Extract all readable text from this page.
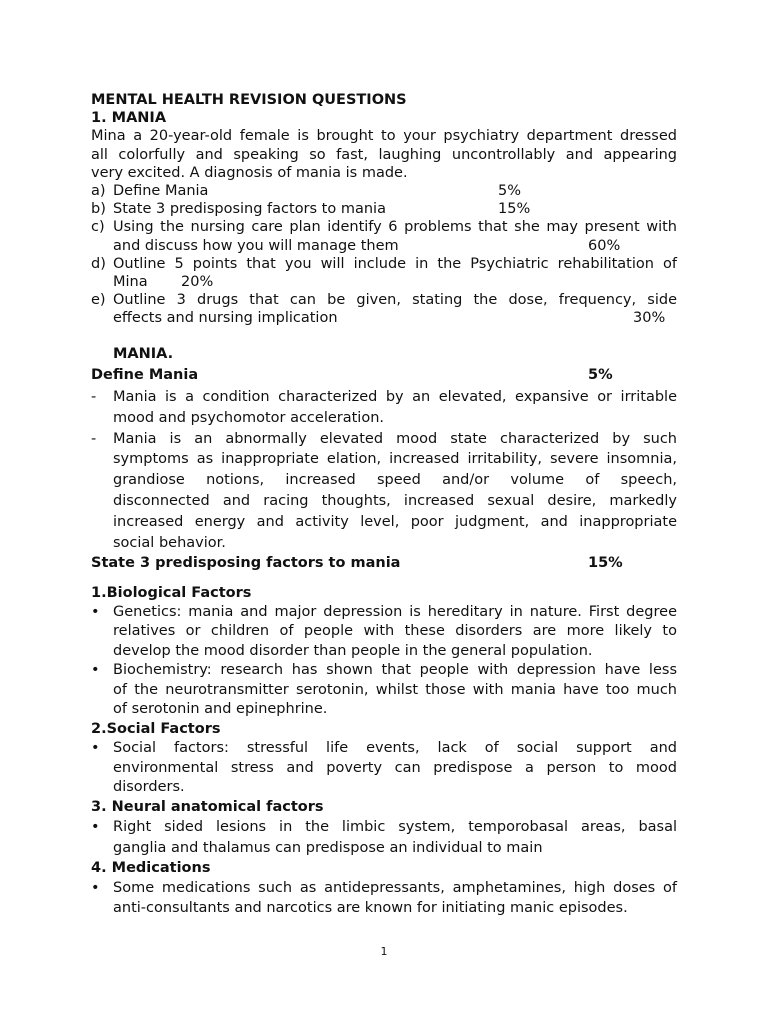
MENTAL HEALTH REVISION QUESTIONS
1. MANIA
Mina a 20-year-old female is brought to your psychiatry department dressed
all colorfully and speaking so fast, laughing uncontrollably and appearing
very excited. A diagnosis of mania is made.
a) Define Mania	5%
b) State 3 predisposing factors to mania	15%
c) Using the nursing care plan identify 6 problems that she may present with
and discuss how you will manage them	60%
d) Outline 5 points that you will include in the Psychiatric rehabilitation of
Mina 20%
e) Outline 3 drugs that can be given, stating the dose, frequency, side
effects and nursing implication	30%
MANIA.
Define Mania	5%
- Mania is a condition characterized by an elevated, expansive or irritable
mood and psychomotor acceleration.
- Mania is an abnormally elevated mood state characterized by such
symptoms as inappropriate elation, increased irritability, severe insomnia,
grandiose notions, increased speed and/or volume of speech,
disconnected and racing thoughts, increased sexual desire, markedly
increased energy and activity level, poor judgment, and inappropriate
social behavior.
State 3 predisposing factors to mania	15%
1.Biological Factors
• Genetics: mania and major depression is hereditary in nature. First degree
relatives or children of people with these disorders are more likely to
develop the mood disorder than people in the general population.
• Biochemistry: research has shown that people with depression have less
of the neurotransmitter serotonin, whilst those with mania have too much
of serotonin and epinephrine.
2.Social Factors
• Social factors: stressful life events, lack of social support and
environmental stress and poverty can predispose a person to mood
disorders.
3. Neural anatomical factors
• Right sided lesions in the limbic system, temporobasal areas, basal
ganglia and thalamus can predispose an individual to main
4. Medications
• Some medications such as antidepressants, amphetamines, high doses of
anti-consultants and narcotics are known for initiating manic episodes.
1
